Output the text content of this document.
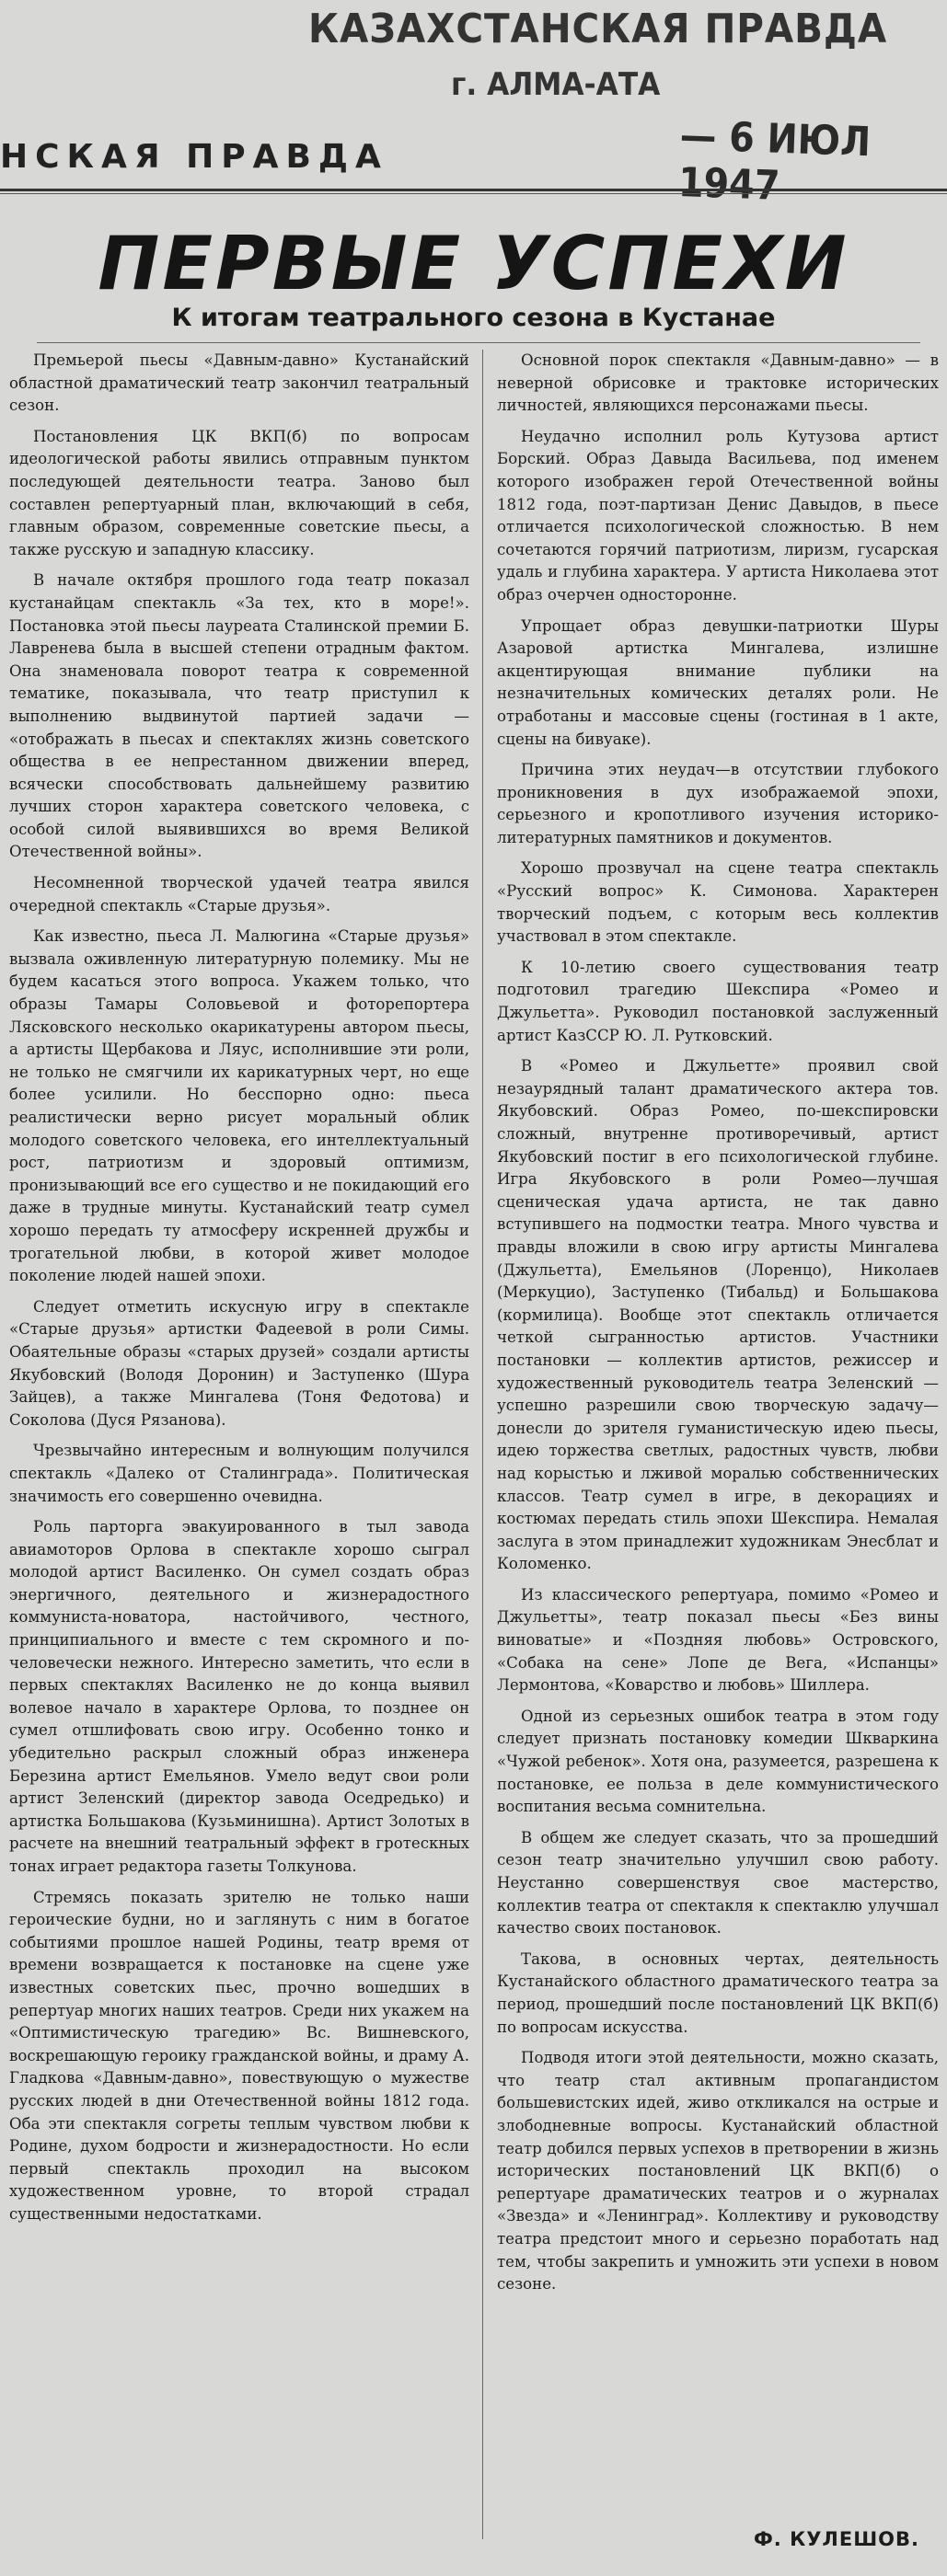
КАЗАХСТАНСКАЯ ПРАВДА
г. АЛМА-АТА
— 6 ИЮЛ 1947
НСКАЯ ПРАВДА
ПЕРВЫЕ УСПЕХИ
К итогам театрального сезона в Кустанае

Премьерой пьесы «Давным-давно» Кустанайский областной драматический театр закончил театральный сезон.

Постановления ЦК ВКП(б) по вопросам идеологической работы явились отправным пунктом последующей деятельности театра. Заново был составлен репертуарный план, включающий в себя, главным образом, современные советские пьесы, а также русскую и западную классику.

В начале октября прошлого года театр показал кустанайцам спектакль «За тех, кто в море!». Постановка этой пьесы лауреата Сталинской премии Б. Лавренева была в высшей степени отрадным фактом. Она знаменовала поворот театра к современной тематике, показывала, что театр приступил к выполнению выдвинутой партией задачи — «отображать в пьесах и спектаклях жизнь советского общества в ее непрестанном движении вперед, всячески способствовать дальнейшему развитию лучших сторон характера советского человека, с особой силой выявившихся во время Великой Отечественной войны».

Несомненной творческой удачей театра явился очередной спектакль «Старые друзья».

Как известно, пьеса Л. Малюгина «Старые друзья» вызвала оживленную литературную полемику. Мы не будем касаться этого вопроса. Укажем только, что образы Тамары Соловьевой и фоторепортера Лясковского несколько окарикатурены автором пьесы, а артисты Щербакова и Ляус, исполнившие эти роли, не только не смягчили их карикатурных черт, но еще более усилили. Но бесспорно одно: пьеса реалистически верно рисует моральный облик молодого советского человека, его интеллектуальный рост, патриотизм и здоровый оптимизм, пронизывающий все его существо и не покидающий его даже в трудные минуты. Кустанайский театр сумел хорошо передать ту атмосферу искренней дружбы и трогательной любви, в которой живет молодое поколение людей нашей эпохи.

Следует отметить искусную игру в спектакле «Старые друзья» артистки Фадеевой в роли Симы. Обаятельные образы «старых друзей» создали артисты Якубовский (Володя Доронин) и Заступенко (Шура Зайцев), а также Мингалева (Тоня Федотова) и Соколова (Дуся Рязанова).

Чрезвычайно интересным и волнующим получился спектакль «Далеко от Сталинграда». Политическая значимость его совершенно очевидна.

Роль парторга эвакуированного в тыл завода авиамоторов Орлова в спектакле хорошо сыграл молодой артист Василенко. Он сумел создать образ энергичного, деятельного и жизнерадостного коммуниста-новатора, настойчивого, честного, принципиального и вместе с тем скромного и по-человечески нежного. Интересно заметить, что если в первых спектаклях Василенко не до конца выявил волевое начало в характере Орлова, то позднее он сумел отшлифовать свою игру. Особенно тонко и убедительно раскрыл сложный образ инженера Березина артист Емельянов. Умело ведут свои роли артист Зеленский (директор завода Оседредько) и артистка Большакова (Кузьминишна). Артист Золотых в расчете на внешний театральный эффект в гротескных тонах играет редактора газеты Толкунова.

Стремясь показать зрителю не только наши героические будни, но и заглянуть с ним в богатое событиями прошлое нашей Родины, театр время от времени возвращается к постановке на сцене уже известных советских пьес, прочно вошедших в репертуар многих наших театров. Среди них укажем на «Оптимистическую трагедию» Вс. Вишневского, воскрешающую героику гражданской войны, и драму А. Гладкова «Давным-давно», повествующую о мужестве русских людей в дни Отечественной войны 1812 года. Оба эти спектакля согреты теплым чувством любви к Родине, духом бодрости и жизнерадостности. Но если первый спектакль проходил на высоком художественном уровне, то второй страдал существенными недостатками.

Основной порок спектакля «Давным-давно» — в неверной обрисовке и трактовке исторических личностей, являющихся персонажами пьесы.

Неудачно исполнил роль Кутузова артист Борский. Образ Давыда Васильева, под именем которого изображен герой Отечественной войны 1812 года, поэт-партизан Денис Давыдов, в пьесе отличается психологической сложностью. В нем сочетаются горячий патриотизм, лиризм, гусарская удаль и глубина характера. У артиста Николаева этот образ очерчен односторонне.

Упрощает образ девушки-патриотки Шуры Азаровой артистка Мингалева, излишне акцентирующая внимание публики на незначительных комических деталях роли. Не отработаны и массовые сцены (гостиная в 1 акте, сцены на бивуаке).

Причина этих неудач—в отсутствии глубокого проникновения в дух изображаемой эпохи, серьезного и кропотливого изучения историко-литературных памятников и документов.

Хорошо прозвучал на сцене театра спектакль «Русский вопрос» К. Симонова. Характерен творческий подъем, с которым весь коллектив участвовал в этом спектакле.

К 10-летию своего существования театр подготовил трагедию Шекспира «Ромео и Джульетта». Руководил постановкой заслуженный артист КазССР Ю. Л. Рутковский.

В «Ромео и Джульетте» проявил свой незаурядный талант драматического актера тов. Якубовский. Образ Ромео, по-шекспировски сложный, внутренне противоречивый, артист Якубовский постиг в его психологической глубине. Игра Якубовского в роли Ромео—лучшая сценическая удача артиста, не так давно вступившего на подмостки театра. Много чувства и правды вложили в свою игру артисты Мингалева (Джульетта), Емельянов (Лоренцо), Николаев (Меркуцио), Заступенко (Тибальд) и Большакова (кормилица). Вообще этот спектакль отличается четкой сыгранностью артистов. Участники постановки — коллектив артистов, режиссер и художественный руководитель театра Зеленский — успешно разрешили свою творческую задачу—донесли до зрителя гуманистическую идею пьесы, идею торжества светлых, радостных чувств, любви над корыстью и лживой моралью собственнических классов. Театр сумел в игре, в декорациях и костюмах передать стиль эпохи Шекспира. Немалая заслуга в этом принадлежит художникам Энесблат и Коломенко.

Из классического репертуара, помимо «Ромео и Джульетты», театр показал пьесы «Без вины виноватые» и «Поздняя любовь» Островского, «Собака на сене» Лопе де Вега, «Испанцы» Лермонтова, «Коварство и любовь» Шиллера.

Одной из серьезных ошибок театра в этом году следует признать постановку комедии Шкваркина «Чужой ребенок». Хотя она, разумеется, разрешена к постановке, ее польза в деле коммунистического воспитания весьма сомнительна.

В общем же следует сказать, что за прошедший сезон театр значительно улучшил свою работу. Неустанно совершенствуя свое мастерство, коллектив театра от спектакля к спектаклю улучшал качество своих постановок.

Такова, в основных чертах, деятельность Кустанайского областного драматического театра за период, прошедший после постановлений ЦК ВКП(б) по вопросам искусства.

Подводя итоги этой деятельности, можно сказать, что театр стал активным пропагандистом большевистских идей, живо откликался на острые и злободневные вопросы. Кустанайский областной театр добился первых успехов в претворении в жизнь исторических постановлений ЦК ВКП(б) о репертуаре драматических театров и о журналах «Звезда» и «Ленинград». Коллективу и руководству театра предстоит много и серьезно поработать над тем, чтобы закрепить и умножить эти успехи в новом сезоне.

Ф. КУЛЕШОВ.
